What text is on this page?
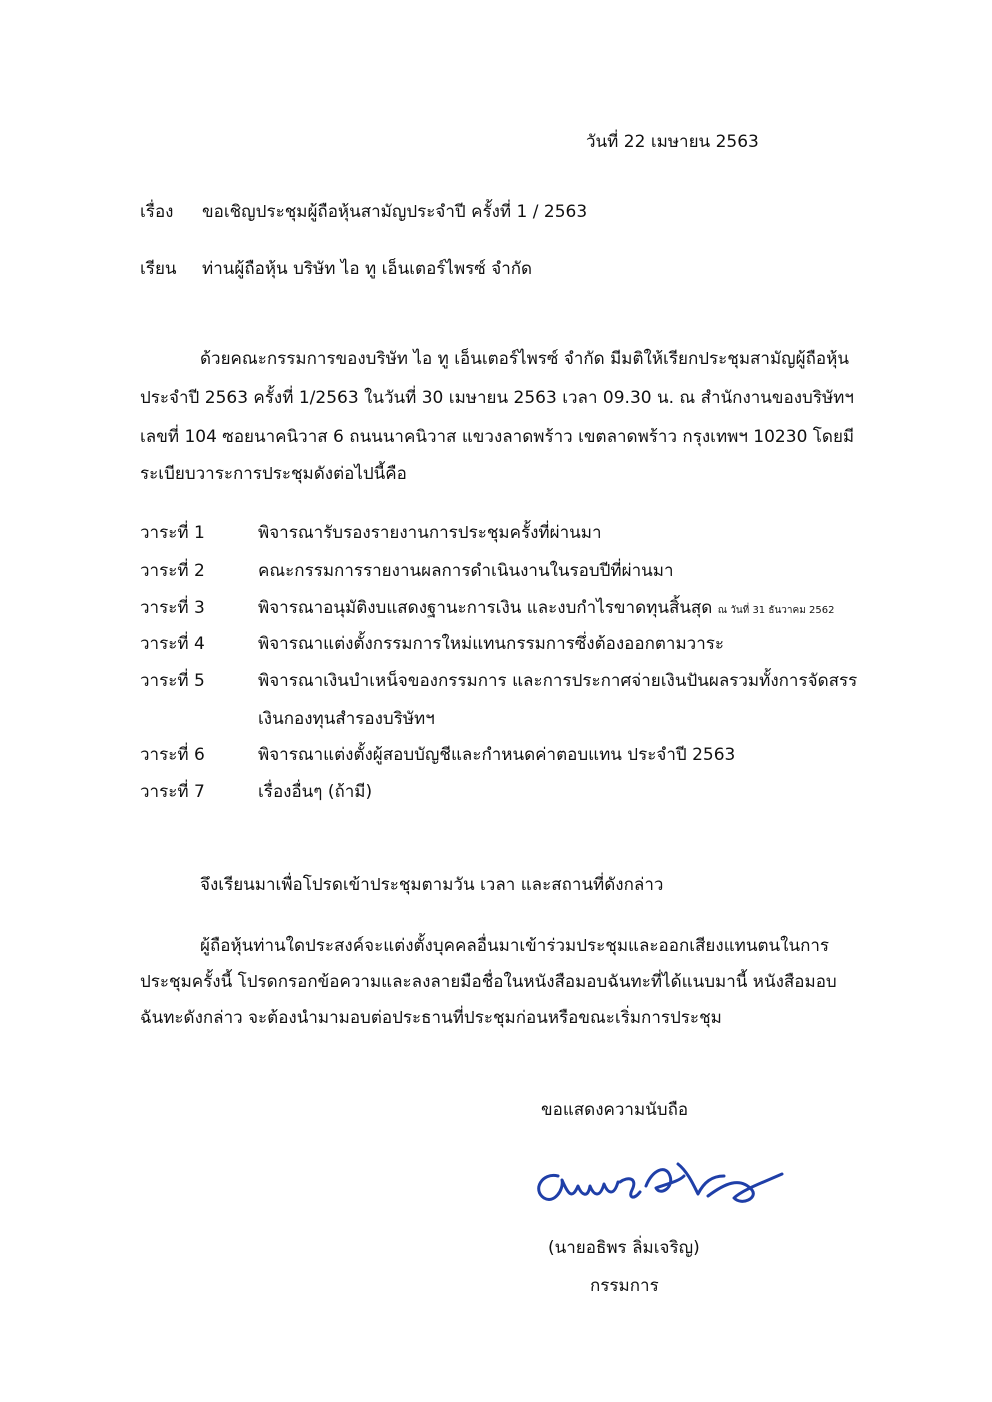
วันที่ 22 เมษายน 2563
เรื่อง ขอเชิญประชุมผู้ถือหุ้นสามัญประจำปี ครั้งที่ 1 / 2563
เรียน ท่านผู้ถือหุ้น บริษัท ไอ ทู เอ็นเตอร์ไพรซ์ จำกัด
ด้วยคณะกรรมการของบริษัท ไอ ทู เอ็นเตอร์ไพรซ์ จำกัด มีมติให้เรียกประชุมสามัญผู้ถือหุ้น
ประจำปี 2563 ครั้งที่ 1/2563 ในวันที่ 30 เมษายน 2563 เวลา 09.30 น. ณ สำนักงานของบริษัทฯ
เลขที่ 104 ซอยนาคนิวาส 6 ถนนนาคนิวาส แขวงลาดพร้าว เขตลาดพร้าว กรุงเทพฯ 10230 โดยมี
ระเบียบวาระการประชุมดังต่อไปนี้คือ
วาระที่ 1	พิจารณารับรองรายงานการประชุมครั้งที่ผ่านมา
วาระที่ 2	คณะกรรมการรายงานผลการดำเนินงานในรอบปีที่ผ่านมา
วาระที่ 3	พิจารณาอนุมัติงบแสดงฐานะการเงิน และงบกำไรขาดทุนสิ้นสุด ณ วันที่ 31 ธันวาคม 2562
วาระที่ 4	พิจารณาแต่งตั้งกรรมการใหม่แทนกรรมการซึ่งต้องออกตามวาระ
วาระที่ 5	พิจารณาเงินบำเหน็จของกรรมการ และการประกาศจ่ายเงินปันผลรวมทั้งการจัดสรร
เงินกองทุนสำรองบริษัทฯ
วาระที่ 6	พิจารณาแต่งตั้งผู้สอบบัญชีและกำหนดค่าตอบแทน ประจำปี 2563
วาระที่ 7	เรื่องอื่นๆ (ถ้ามี)
จึงเรียนมาเพื่อโปรดเข้าประชุมตามวัน เวลา และสถานที่ดังกล่าว
ผู้ถือหุ้นท่านใดประสงค์จะแต่งตั้งบุคคลอื่นมาเข้าร่วมประชุมและออกเสียงแทนตนในการ
ประชุมครั้งนี้ โปรดกรอกข้อความและลงลายมือชื่อในหนังสือมอบฉันทะที่ได้แนบมานี้ หนังสือมอบ
ฉันทะดังกล่าว จะต้องนำมามอบต่อประธานที่ประชุมก่อนหรือขณะเริ่มการประชุม
ขอแสดงความนับถือ
(นายอธิพร ลิ่มเจริญ)
กรรมการ
